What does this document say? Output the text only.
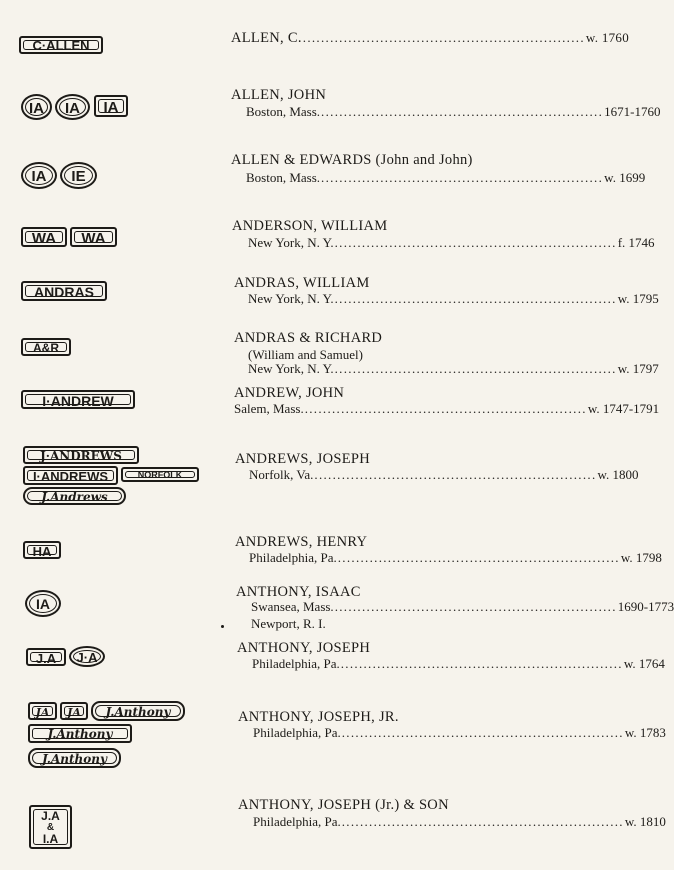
C·ALLEN	ALLEN, C. .............................................................. w. 1760
IA	IA	IA
ALLEN, JOHN
Boston, Mass. .............................................................. 1671-1760
IA	IE
ALLEN & EDWARDS (John and John)
Boston, Mass. .............................................................. w. 1699
WA	WA
ANDERSON, WILLIAM
New York, N. Y. .............................................................. f. 1746
ANDRAS
ANDRAS, WILLIAM
New York, N. Y. .............................................................. w. 1795
A&R
ANDRAS & RICHARD
(William and Samuel)
New York, N. Y. .............................................................. w. 1797
I·ANDREW	ANDREW, JOHN
Salem, Mass. .............................................................. w. 1747-1791
J·ANDREWS
I·ANDREWS	NORFOLK
J.Andrews
ANDREWS, JOSEPH
Norfolk, Va. .............................................................. w. 1800
HA
ANDREWS, HENRY
Philadelphia, Pa. .............................................................. w. 1798
IA
ANTHONY, ISAAC
Swansea, Mass. .............................................................. 1690-1773
Newport, R. I.
J.A	J·A
ANTHONY, JOSEPH
Philadelphia, Pa. .............................................................. w. 1764
JA	JA	J.Anthony
J.Anthony
J.Anthony
ANTHONY, JOSEPH, JR.
Philadelphia, Pa. .............................................................. w. 1783
J.A
&
I.A
ANTHONY, JOSEPH (Jr.) & SON
Philadelphia, Pa. .............................................................. w. 1810
